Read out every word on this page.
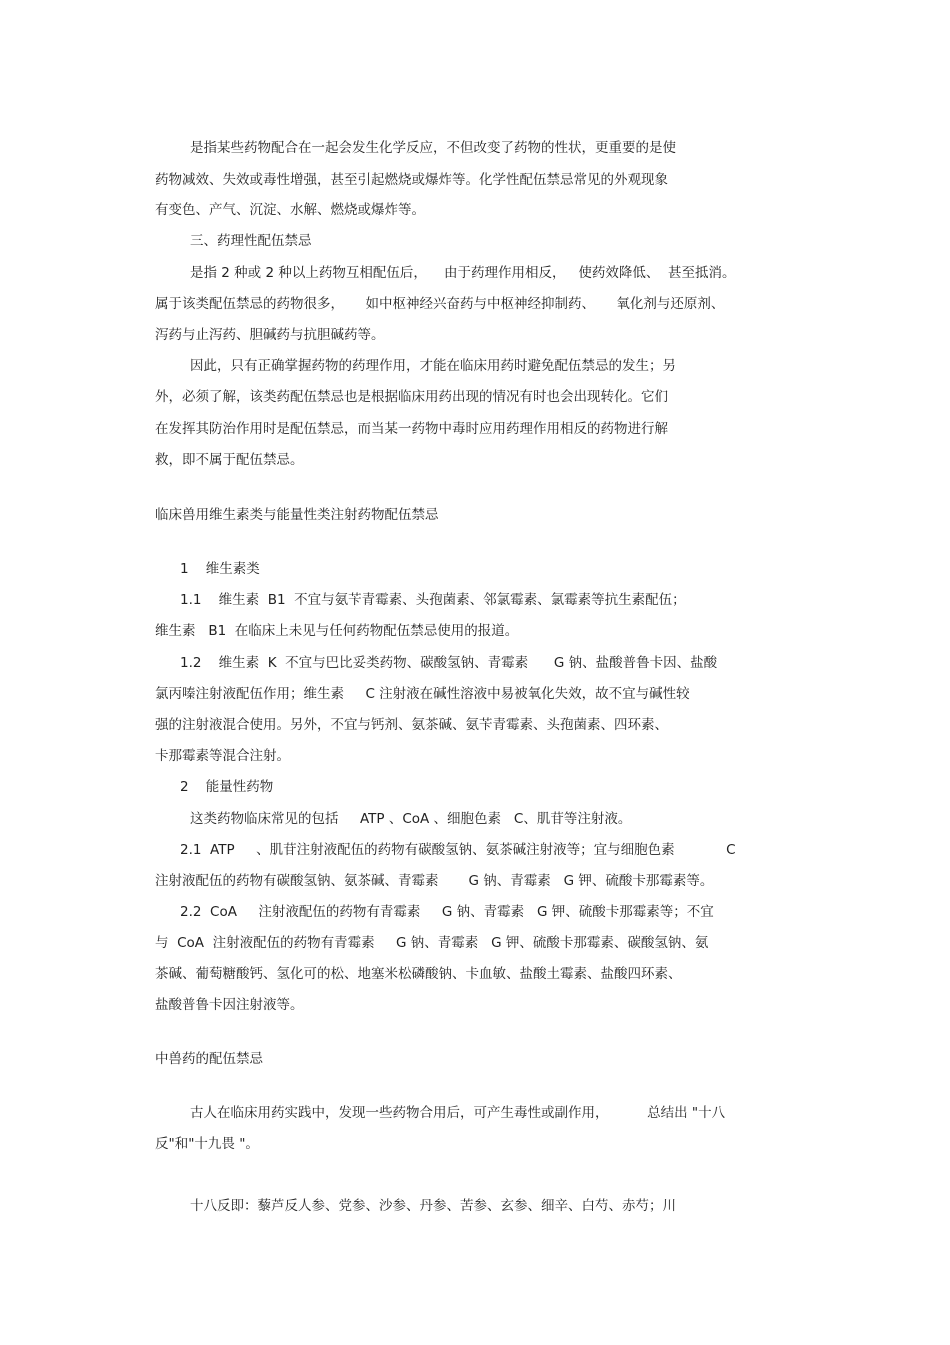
是指某些药物配合在一起会发生化学反应，不但改变了药物的性状，更重要的是使
药物减效、失效或毒性增强，甚至引起燃烧或爆炸等。化学性配伍禁忌常见的外观现象
有变色、产气、沉淀、水解、燃烧或爆炸等。
三、药理性配伍禁忌
是指 2 种或 2 种以上药物互相配伍后，    由于药理作用相反，   使药效降低、  甚至抵消。
属于该类配伍禁忌的药物很多，     如中枢神经兴奋药与中枢神经抑制药、     氧化剂与还原剂、
泻药与止泻药、胆碱药与抗胆碱药等。
因此，只有正确掌握药物的药理作用，才能在临床用药时避免配伍禁忌的发生；另
外，必须了解，该类药配伍禁忌也是根据临床用药出现的情况有时也会出现转化。它们
在发挥其防治作用时是配伍禁忌，而当某一药物中毒时应用药理作用相反的药物进行解
救，即不属于配伍禁忌。
临床兽用维生素类与能量性类注射药物配伍禁忌
1    维生素类
1.1    维生素  B1  不宜与氨苄青霉素、头孢菌素、邻氯霉素、氯霉素等抗生素配伍；
维生素   B1  在临床上未见与任何药物配伍禁忌使用的报道。
1.2    维生素  K  不宜与巴比妥类药物、碳酸氢钠、青霉素      G 钠、盐酸普鲁卡因、盐酸
氯丙嗪注射液配伍作用；维生素     C 注射液在碱性溶液中易被氧化失效，故不宜与碱性较
强的注射液混合使用。另外，不宜与钙剂、氨茶碱、氨苄青霉素、头孢菌素、四环素、
卡那霉素等混合注射。
2    能量性药物
这类药物临床常见的包括     ATP 、CoA 、细胞色素   C、肌苷等注射液。
2.1  ATP     、肌苷注射液配伍的药物有碳酸氢钠、氨茶碱注射液等；宜与细胞色素            C
注射液配伍的药物有碳酸氢钠、氨茶碱、青霉素       G 钠、青霉素   G 钾、硫酸卡那霉素等。
2.2  CoA     注射液配伍的药物有青霉素     G 钠、青霉素   G 钾、硫酸卡那霉素等；不宜
与  CoA  注射液配伍的药物有青霉素     G 钠、青霉素   G 钾、硫酸卡那霉素、碳酸氢钠、氨
茶碱、葡萄糖酸钙、氢化可的松、地塞米松磷酸钠、卡血敏、盐酸土霉素、盐酸四环素、
盐酸普鲁卡因注射液等。
中兽药的配伍禁忌
古人在临床用药实践中，发现一些药物合用后，可产生毒性或副作用，         总结出 "十八
反"和"十九畏 "。
十八反即：藜芦反人参、党参、沙参、丹参、苦参、玄参、细辛、白芍、赤芍；川
